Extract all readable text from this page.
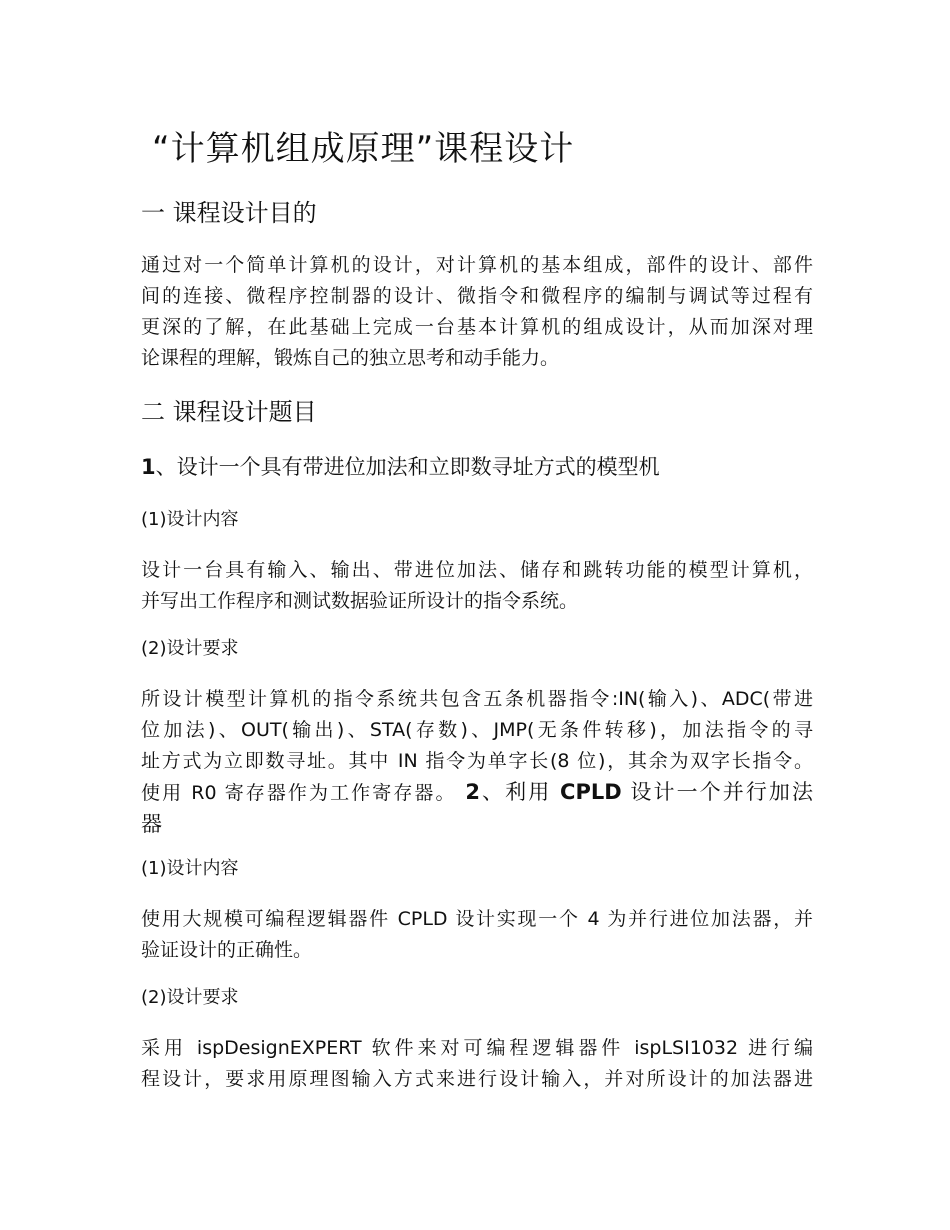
“计算机组成原理”课程设计
一 课程设计目的
通过对一个简单计算机的设计，对计算机的基本组成，部件的设计、部件
间的连接、微程序控制器的设计、微指令和微程序的编制与调试等过程有
更深的了解，在此基础上完成一台基本计算机的组成设计，从而加深对理
论课程的理解，锻炼自己的独立思考和动手能力。
二 课程设计题目
1、设计一个具有带进位加法和立即数寻址方式的模型机

(1)设计内容

设计一台具有输入、输出、带进位加法、储存和跳转功能的模型计算机，
并写出工作程序和测试数据验证所设计的指令系统。

(2)设计要求

所设计模型计算机的指令系统共包含五条机器指令:IN(输入)、ADC(带进
位加法)、OUT(输出)、STA(存数)、JMP(无条件转移)，加法指令的寻
址方式为立即数寻址。其中 IN 指令为单字长(8 位)，其余为双字长指令。
使用 R0 寄存器作为工作寄存器。 2、利用 CPLD 设计一个并行加法
器

(1)设计内容

使用大规模可编程逻辑器件 CPLD 设计实现一个 4 为并行进位加法器，并
验证设计的正确性。

(2)设计要求

采用 ispDesignEXPERT 软件来对可编程逻辑器件 ispLSI1032 进行编
程设计，要求用原理图输入方式来进行设计输入，并对所设计的加法器进
